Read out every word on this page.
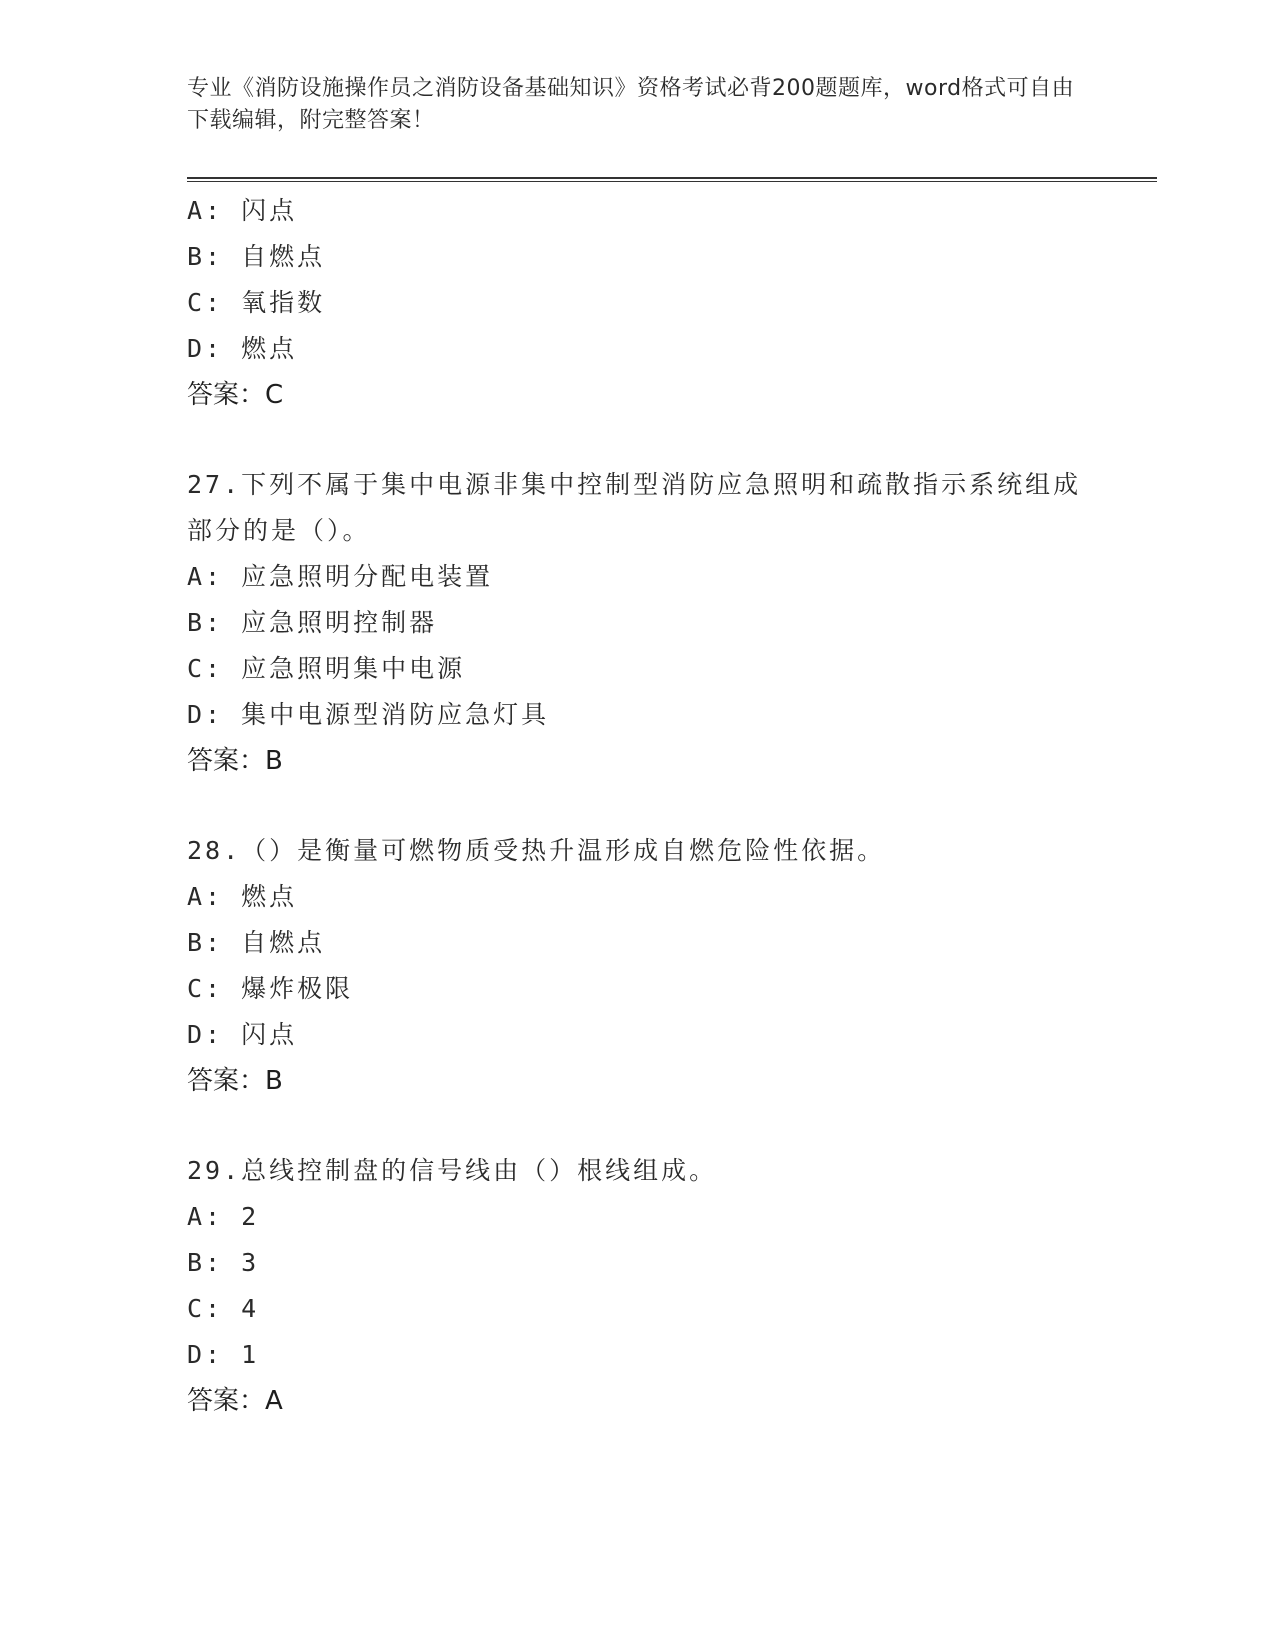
专业《消防设施操作员之消防设备基础知识》资格考试必背200题题库，word格式可自由下载编辑，附完整答案！
A: 闪点
B: 自燃点
C: 氧指数
D: 燃点
答案：C
27.下列不属于集中电源非集中控制型消防应急照明和疏散指示系统组成部分的是（）。
A: 应急照明分配电装置
B: 应急照明控制器
C: 应急照明集中电源
D: 集中电源型消防应急灯具
答案：B
28.（）是衡量可燃物质受热升温形成自燃危险性依据。
A: 燃点
B: 自燃点
C: 爆炸极限
D: 闪点
答案：B
29.总线控制盘的信号线由（）根线组成。
A: 2
B: 3
C: 4
D: 1
答案：A
